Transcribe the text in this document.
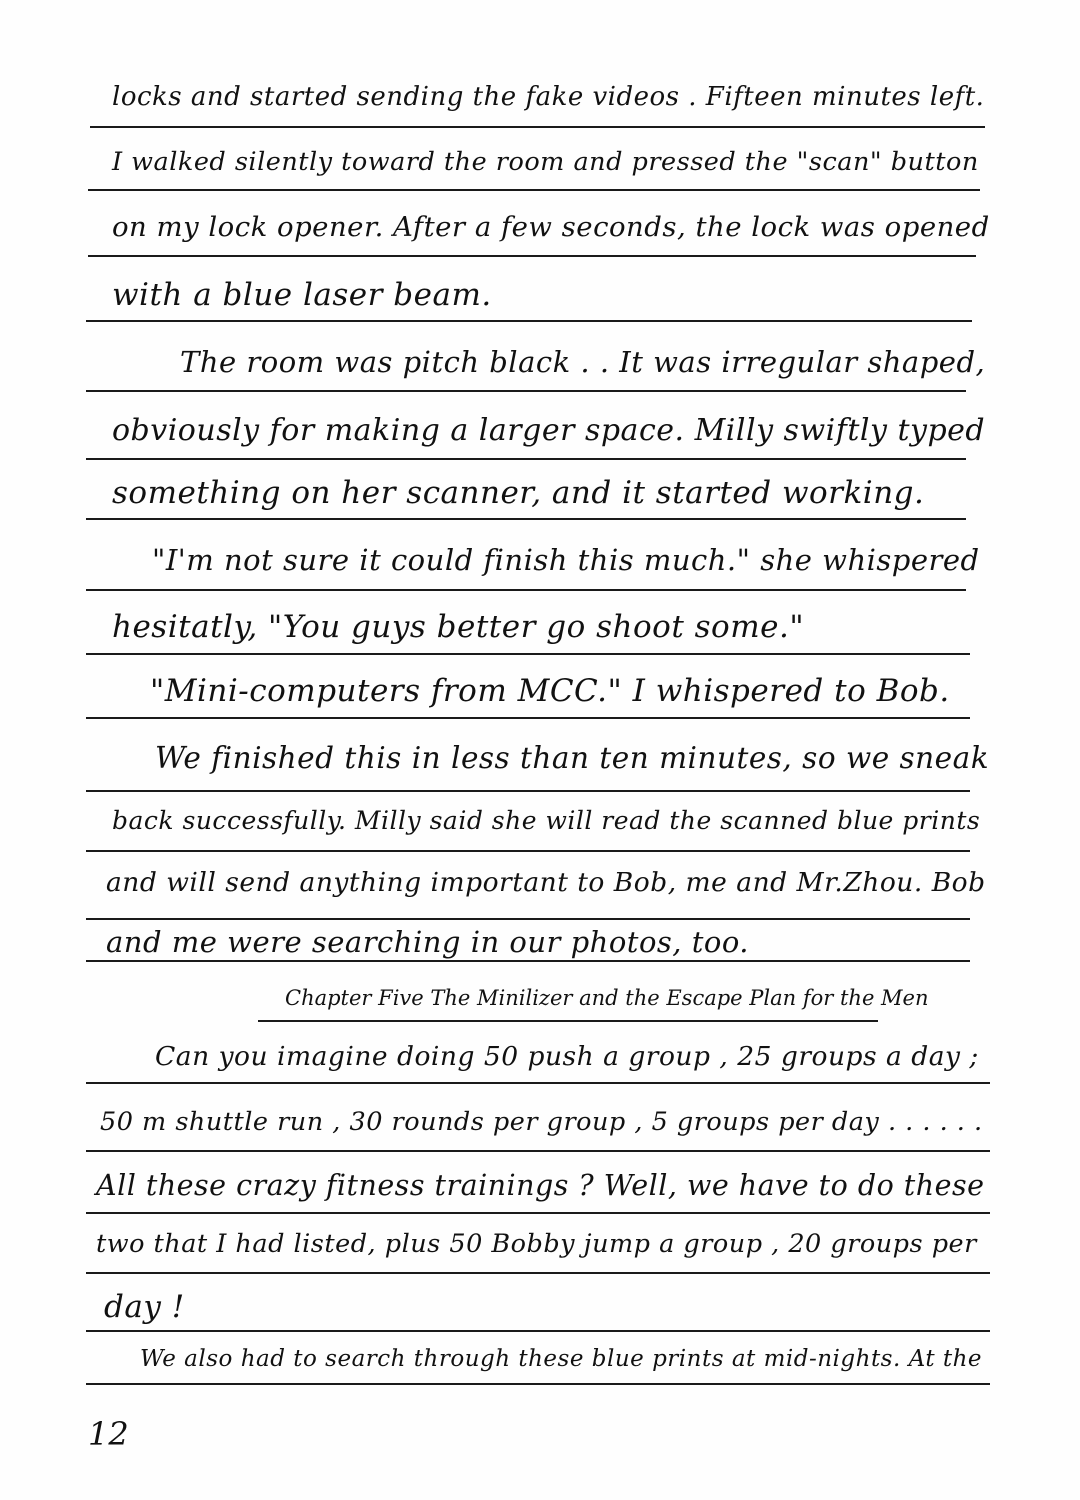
locks and started sending the fake videos . Fifteen minutes left.
I walked silently toward the room and pressed the "scan" button
on my lock opener. After a few seconds, the lock was opened
with a blue laser beam.
The room was pitch black . . It was irregular shaped,
obviously for making a larger space. Milly swiftly typed
something on her scanner, and it started working.
"I'm not sure it could finish this much." she whispered
hesitatly, "You guys better go shoot some."
"Mini-computers from MCC." I whispered to Bob.
We finished this in less than ten minutes, so we sneak
back successfully. Milly said she will read the scanned blue prints
and will send anything important to Bob, me and Mr.Zhou. Bob
and me were searching in our photos, too.
Chapter Five The Minilizer and the Escape Plan for the Men
Can you imagine doing 50 push a group , 25 groups a day ;
50 m shuttle run , 30 rounds per group , 5 groups per day . . . . . .
All these crazy fitness trainings ? Well, we have to do these
two that I had listed, plus 50 Bobby jump a group , 20 groups per
day !
We also had to search through these blue prints at mid-nights. At the
12
